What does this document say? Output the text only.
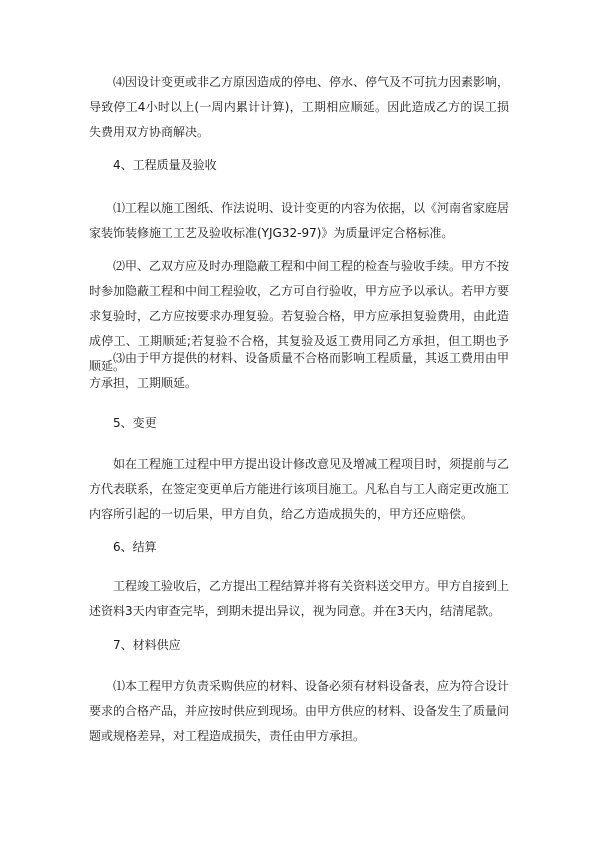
⑷因设计变更或非乙方原因造成的停电、停水、停气及不可抗力因素影响，导致停工4小时以上(一周内累计计算)，工期相应顺延。因此造成乙方的误工损失费用双方协商解决。

4、工程质量及验收

⑴工程以施工图纸、作法说明、设计变更的内容为依据，以《河南省家庭居家装饰装修施工工艺及验收标准(YJG32-97)》为质量评定合格标准。

⑵甲、乙双方应及时办理隐蔽工程和中间工程的检查与验收手续。甲方不按时参加隐蔽工程和中间工程验收，乙方可自行验收，甲方应予以承认。若甲方要求复验时，乙方应按要求办理复验。若复验合格，甲方应承担复验费用，由此造成停工、工期顺延;若复验不合格，其复验及返工费用同乙方承担，但工期也予顺延。

⑶由于甲方提供的材料、设备质量不合格而影响工程质量，其返工费用由甲方承担，工期顺延。

5、变更

如在工程施工过程中甲方提出设计修改意见及增减工程项目时，须提前与乙方代表联系，在签定变更单后方能进行该项目施工。凡私自与工人商定更改施工内容所引起的一切后果，甲方自负，给乙方造成损失的，甲方还应赔偿。

6、结算

工程竣工验收后，乙方提出工程结算并将有关资料送交甲方。甲方自接到上述资料3天内审查完毕，到期未提出异议，视为同意。并在3天内，结清尾款。

7、材料供应

⑴本工程甲方负责采购供应的材料、设备必须有材料设备表，应为符合设计要求的合格产品，并应按时供应到现场。由甲方供应的材料、设备发生了质量问题或规格差异，对工程造成损失，责任由甲方承担。
